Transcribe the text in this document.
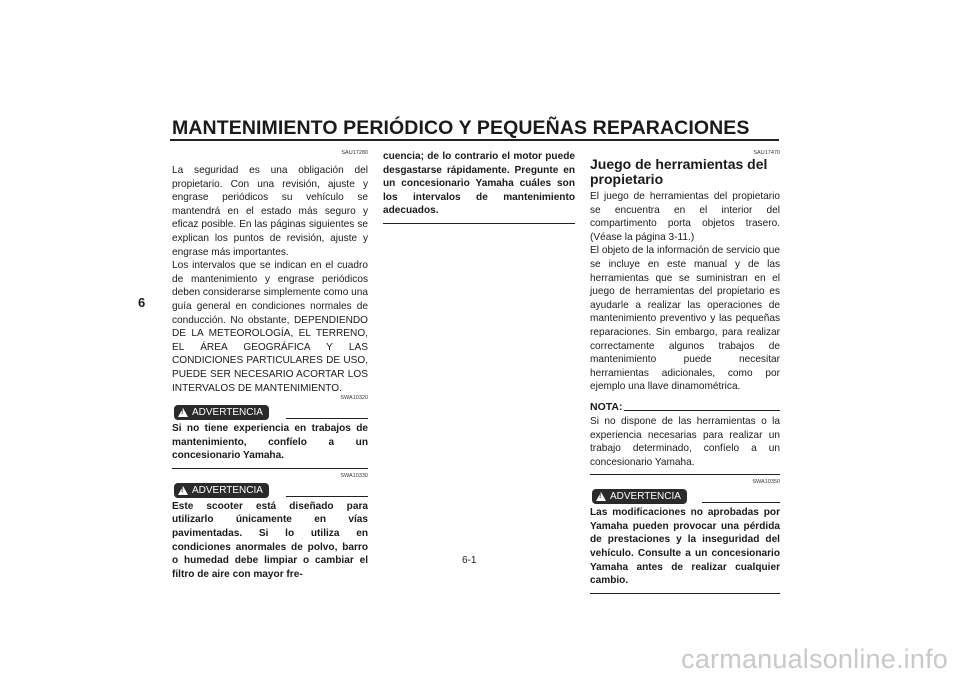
MANTENIMIENTO PERIÓDICO Y PEQUEÑAS REPARACIONES
6
SAU17280

La seguridad es una obligación del propietario. Con una revisión, ajuste y engrase periódicos su vehículo se mantendrá en el estado más seguro y eficaz posible. En las páginas siguientes se explican los puntos de revisión, ajuste y engrase más importantes.

Los intervalos que se indican en el cuadro de mantenimiento y engrase periódicos deben considerarse simplemente como una guía general en condiciones normales de conducción. No obstante, DEPENDIENDO DE LA METEOROLOGÍA, EL TERRENO, EL ÁREA GEOGRÁFICA Y LAS CONDICIONES PARTICULARES DE USO, PUEDE SER NECESARIO ACORTAR LOS INTERVALOS DE MANTENIMIENTO.

SWA10320
!
ADVERTENCIA

Si no tiene experiencia en trabajos de mantenimiento, confíelo a un concesionario Yamaha.

SWA10330
!
ADVERTENCIA

Este scooter está diseñado para utilizarlo únicamente en vías pavimentadas. Si lo utiliza en condiciones anormales de polvo, barro o humedad debe limpiar o cambiar el filtro de aire con mayor fre-

cuencia; de lo contrario el motor puede desgastarse rápidamente. Pregunte en un concesionario Yamaha cuáles son los intervalos de mantenimiento adecuados.

SAU17470
Juego de herramientas del propietario

El juego de herramientas del propietario se encuentra en el interior del compartimento porta objetos trasero. (Véase la página 3-11.)

El objeto de la información de servicio que se incluye en este manual y de las herramientas que se suministran en el juego de herramientas del propietario es ayudarle a realizar las operaciones de mantenimiento preventivo y las pequeñas reparaciones. Sin embargo, para realizar correctamente algunos trabajos de mantenimiento puede necesitar herramientas adicionales, como por ejemplo una llave dinamométrica.

NOTA:

Si no dispone de las herramientas o la experiencia necesarias para realizar un trabajo determinado, confíelo a un concesionario Yamaha.

SWA10350
!
ADVERTENCIA

Las modificaciones no aprobadas por Yamaha pueden provocar una pérdida de prestaciones y la inseguridad del vehículo. Consulte a un concesionario Yamaha antes de realizar cualquier cambio.

6-1
carmanualsonline.info
